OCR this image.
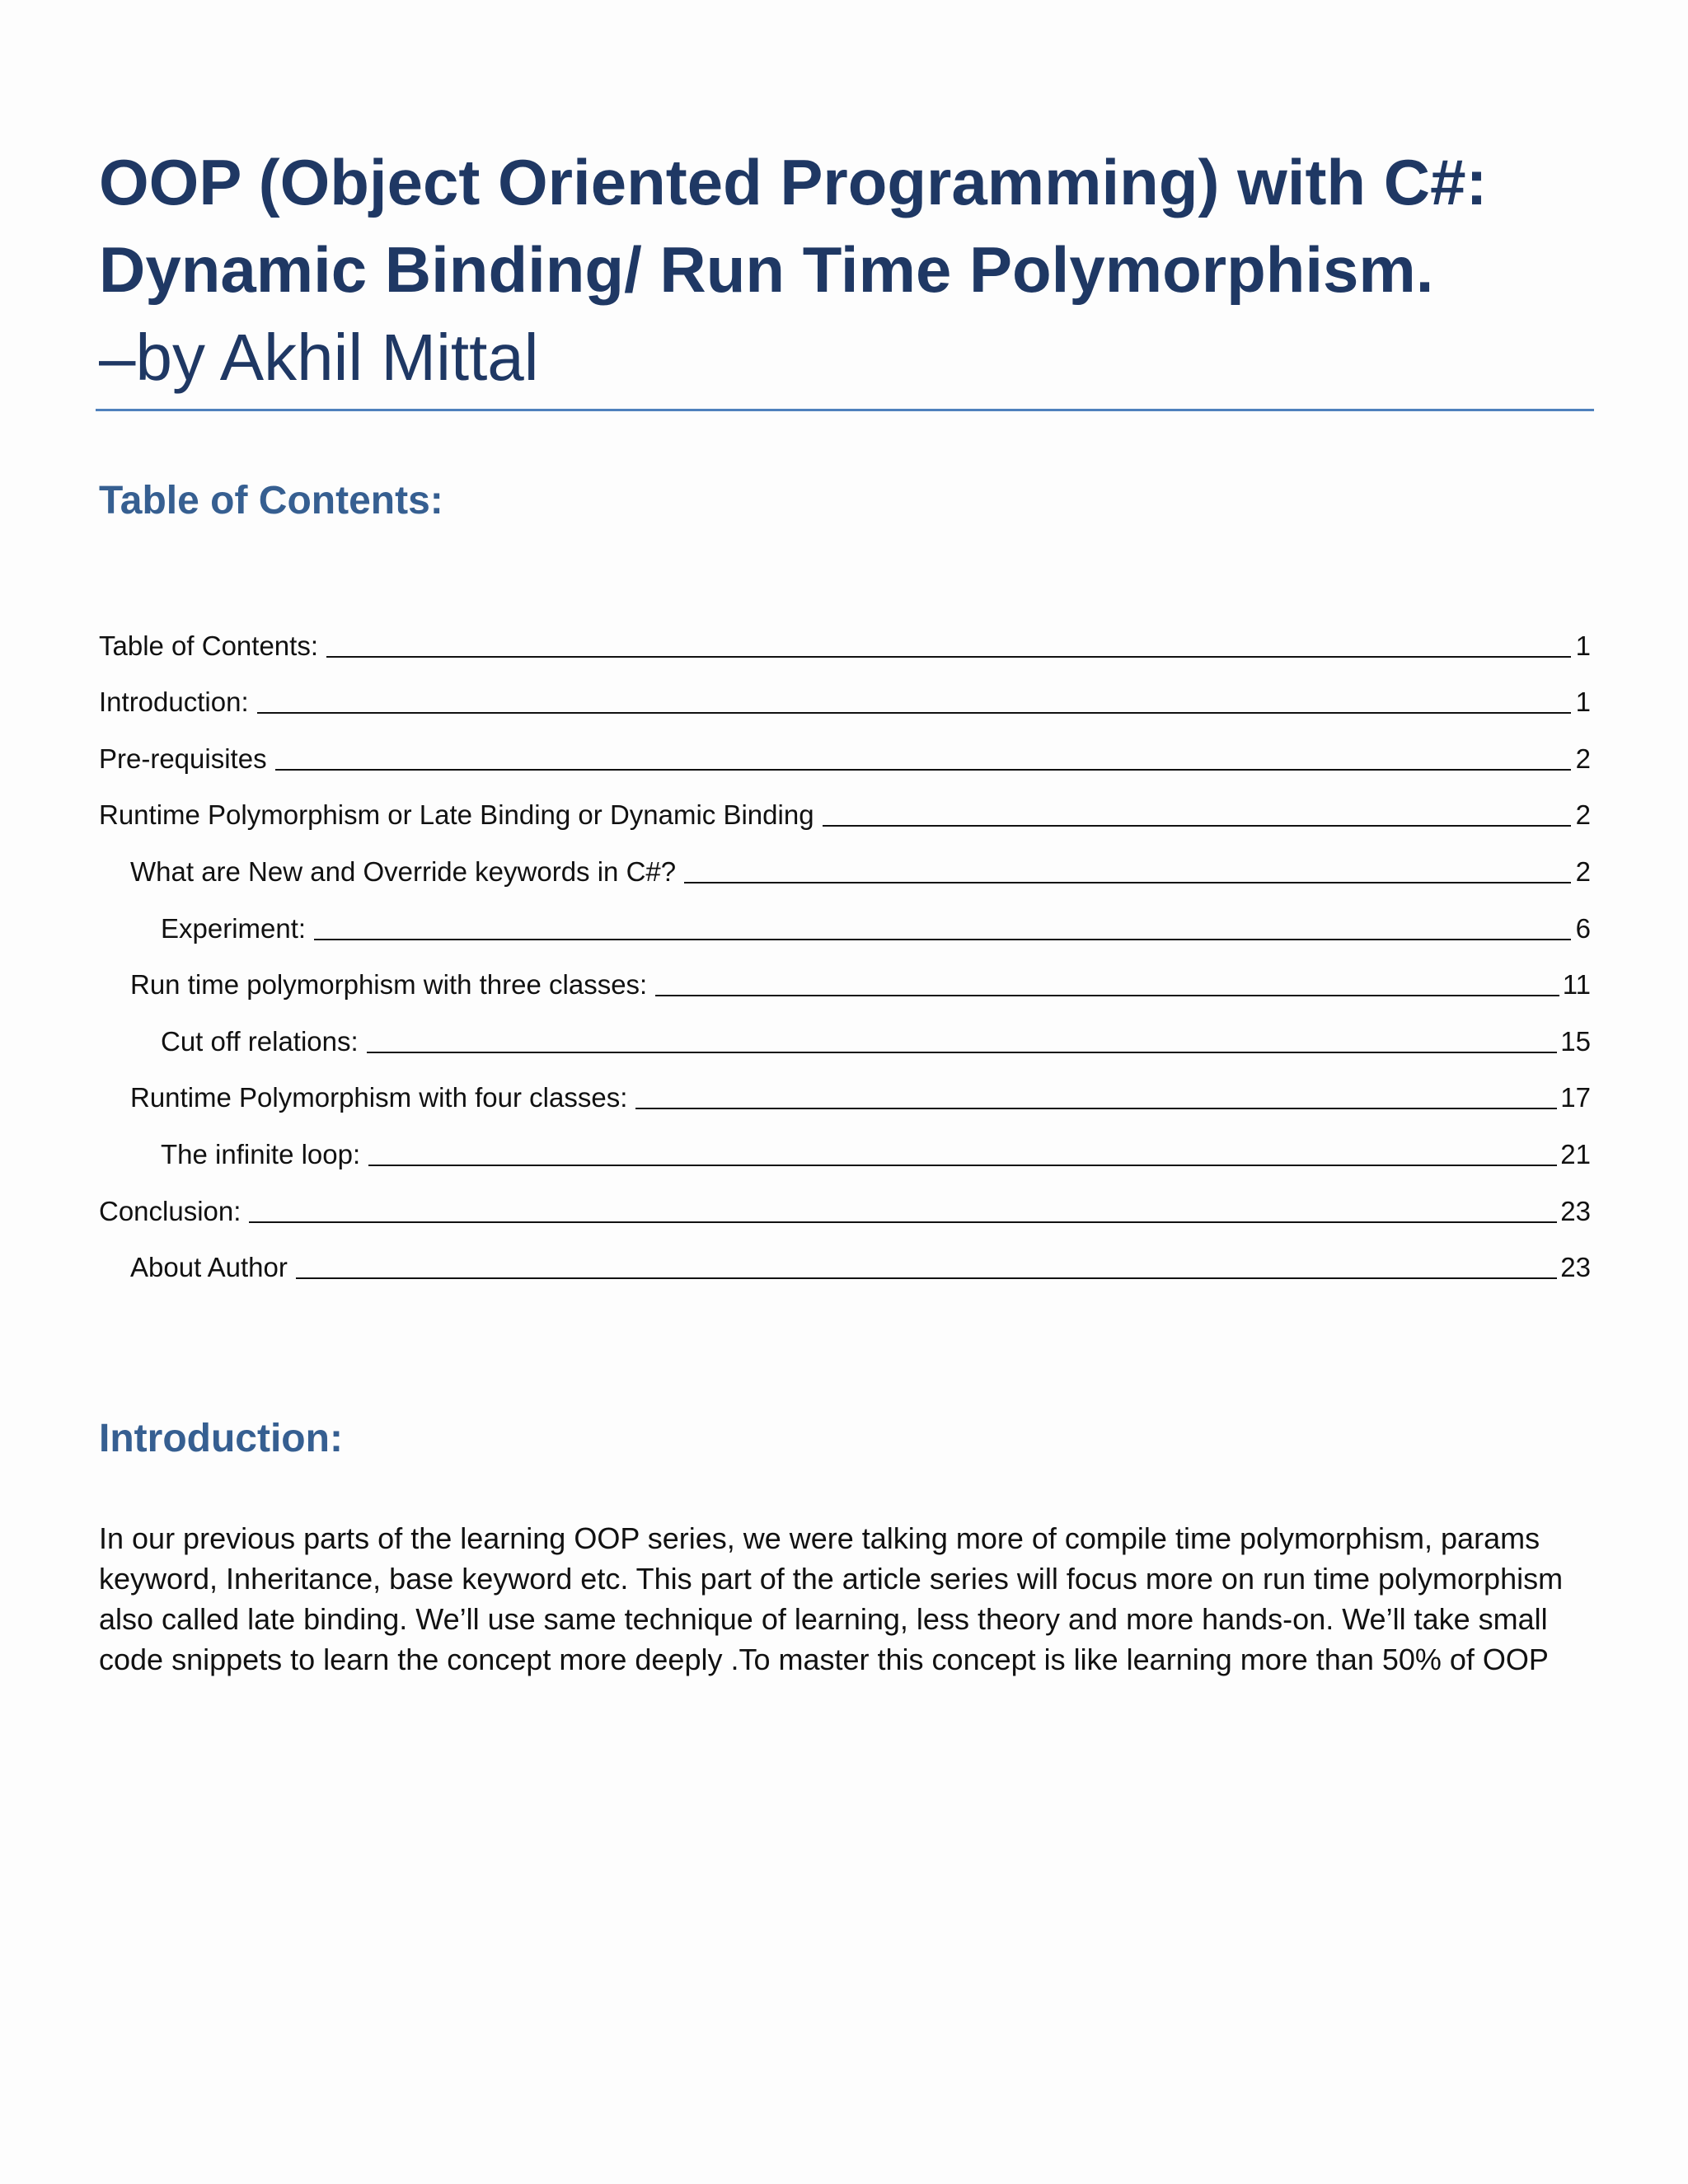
OOP (Object Oriented Programming) with C#:
Dynamic Binding/ Run Time Polymorphism.
–by Akhil Mittal
Table of Contents:
Table of Contents:	1
Introduction:	1
Pre-requisites	2
Runtime Polymorphism or Late Binding or Dynamic Binding	2
What are New and Override keywords in C#?	2
Experiment:	6
Run time polymorphism with three classes:	11
Cut off relations:	15
Runtime Polymorphism with four classes:	17
The infinite loop:	21
Conclusion:	23
About Author	23
Introduction:
In our previous parts of the learning OOP series, we were talking more of compile time polymorphism, params keyword, Inheritance, base keyword etc. This part of the article series will focus more on run time polymorphism also called late binding. We’ll use same technique of learning, less theory and more hands-on. We’ll take small code snippets to learn the concept more deeply .To master this concept is like learning more than 50% of OOP
